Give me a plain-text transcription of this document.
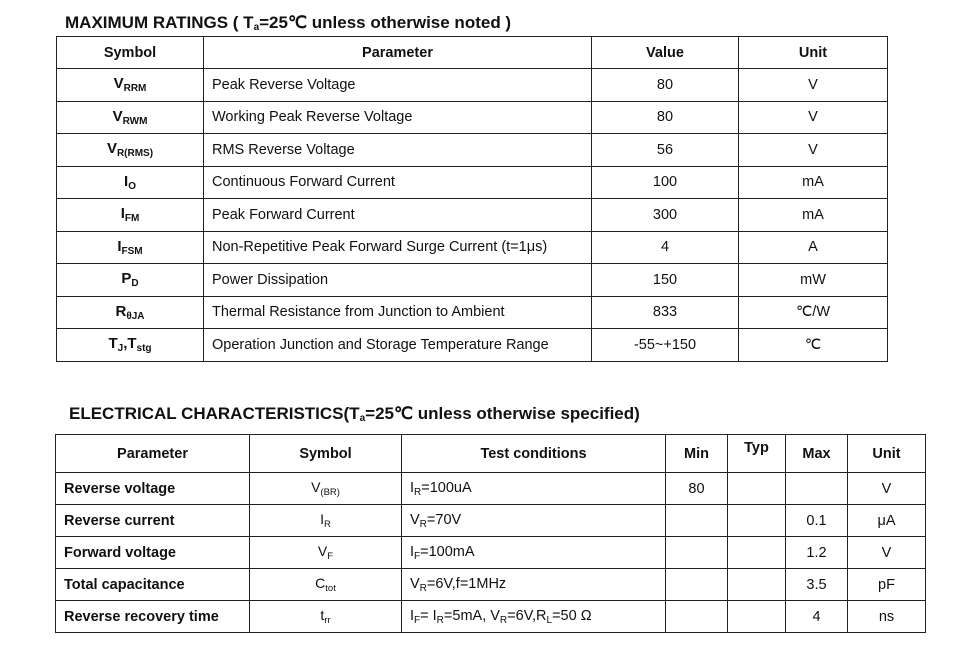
MAXIMUM RATINGS ( $T_a=25℃$ unless otherwise noted )
Symbol	Parameter	Value	Unit
$V_{RRM}$	Peak Reverse Voltage	80	V
$V_{RWM}$	Working Peak Reverse Voltage	80	V
$V_{R(RMS)}$	RMS Reverse Voltage	56	V
$I_O$	Continuous Forward Current	100	mA
$I_{FM}$	Peak Forward Current	300	mA
$I_{FSM}$	Non-Repetitive Peak Forward Surge Current (t=1μs)	4	A
$P_D$	Power Dissipation	150	mW
$R_{\theta JA}$	Thermal Resistance from Junction to Ambient	833	℃/W
$T_J,T_{stg}$	Operation Junction and Storage Temperature Range	-55~+150	℃
ELECTRICAL $CHARACTERISTICS(T_a=25℃$ unless otherwise specified)
Parameter	Symbol	Test conditions	Min	Typ	Max	Unit
Reverse voltage	$V_{(BR)}$	$I_R=100uA$	80			V
Reverse current	$I_R$	$V_R=70V$			0.1	μA
Forward voltage	$V_F$	$I_F=100mA$			1.2	V
Total capacitance	$C_{tot}$	$V_R=6V,f=1MHz$			3.5	pF
Reverse recovery time	$t_{rr}$	$I_F= I_R=5mA$, $V_R=6V,R_L=50$ Ω			4	ns
